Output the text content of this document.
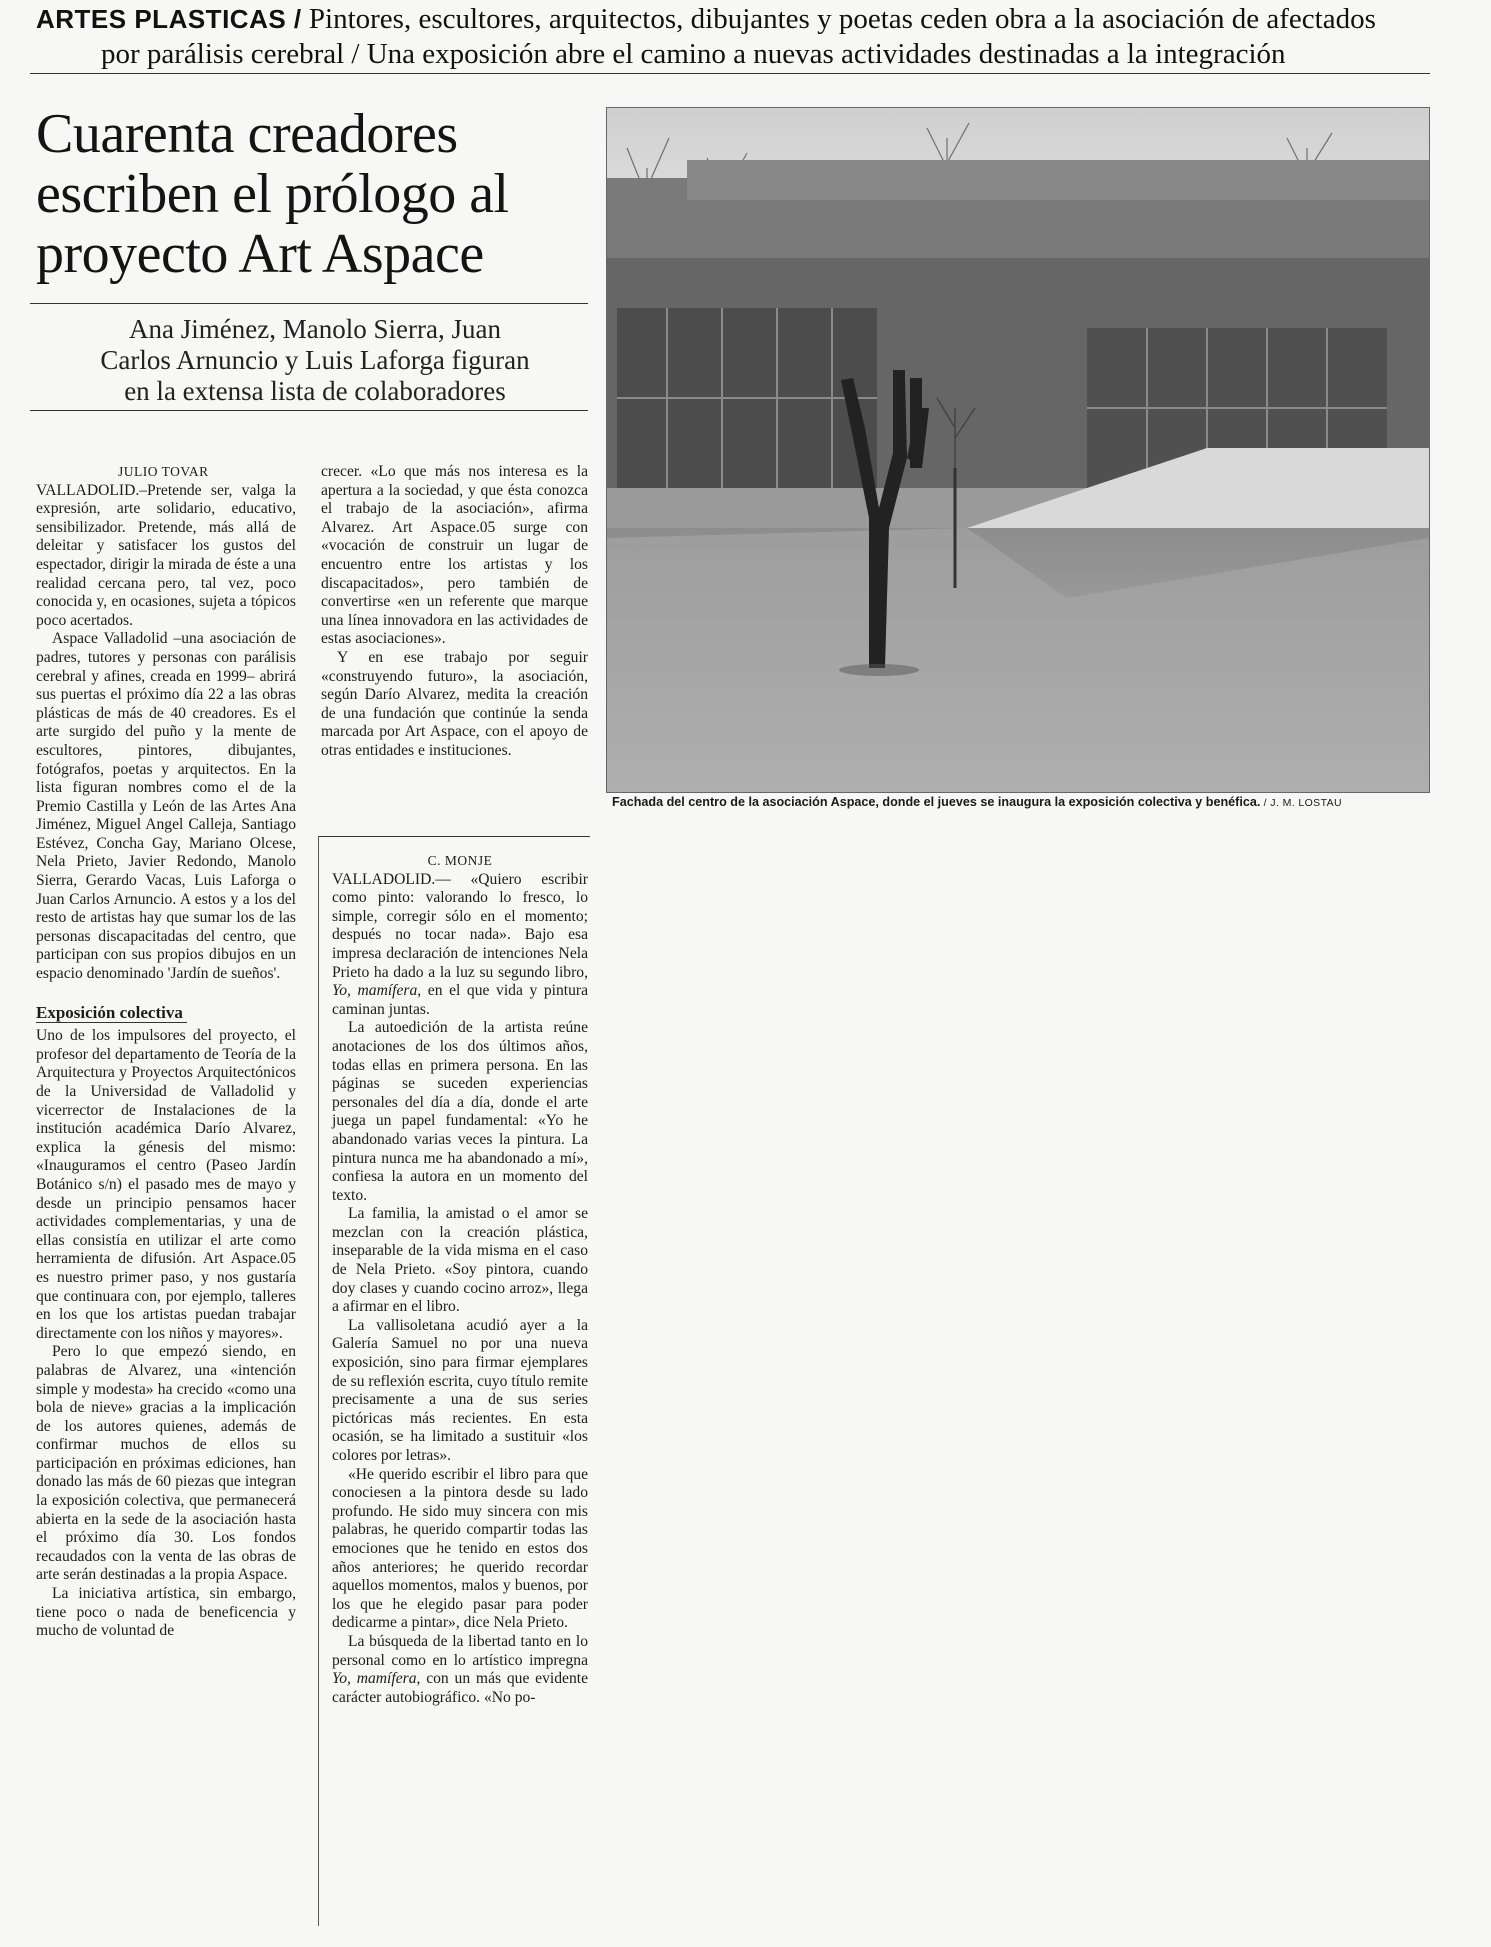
ARTES PLASTICAS / Pintores, escultores, arquitectos, dibujantes y poetas ceden obra a la asociación de afectados
por parálisis cerebral / Una exposición abre el camino a nuevas actividades destinadas a la integración
Cuarenta creadores
escriben el prólogo al
proyecto Art Aspace
Ana Jiménez, Manolo Sierra, Juan
Carlos Arnuncio y Luis Laforga figuran
en la extensa lista de colaboradores

JULIO TOVAR

VALLADOLID.–Pretende ser, valga la expresión, arte solidario, educativo, sensibilizador. Pretende, más allá de deleitar y satisfacer los gustos del espectador, dirigir la mirada de éste a una realidad cercana pero, tal vez, poco conocida y, en ocasiones, sujeta a tópicos poco acertados.

Aspace Valladolid –una asociación de padres, tutores y personas con parálisis cerebral y afines, creada en 1999– abrirá sus puertas el próximo día 22 a las obras plásticas de más de 40 creadores. Es el arte surgido del puño y la mente de escultores, pintores, dibujantes, fotógrafos, poetas y arquitectos. En la lista figuran nombres como el de la Premio Castilla y León de las Artes Ana Jiménez, Miguel Angel Calleja, Santiago Estévez, Concha Gay, Mariano Olcese, Nela Prieto, Javier Redondo, Manolo Sierra, Gerardo Vacas, Luis Laforga o Juan Carlos Arnuncio. A estos y a los del resto de artistas hay que sumar los de las personas discapacitadas del centro, que participan con sus propios dibujos en un espacio denominado 'Jardín de sueños'.

Exposición colectiva

Uno de los impulsores del proyecto, el profesor del departamento de Teoría de la Arquitectura y Proyectos Arquitectónicos de la Universidad de Valladolid y vicerrector de Instalaciones de la institución académica Darío Alvarez, explica la génesis del mismo: «Inauguramos el centro (Paseo Jardín Botánico s/n) el pasado mes de mayo y desde un principio pensamos hacer actividades complementarias, y una de ellas consistía en utilizar el arte como herramienta de difusión. Art Aspace.05 es nuestro primer paso, y nos gustaría que continuara con, por ejemplo, talleres en los que los artistas puedan trabajar directamente con los niños y mayores».

Pero lo que empezó siendo, en palabras de Alvarez, una «intención simple y modesta» ha crecido «como una bola de nieve» gracias a la implicación de los autores quienes, además de confirmar muchos de ellos su participación en próximas ediciones, han donado las más de 60 piezas que integran la exposición colectiva, que permanecerá abierta en la sede de la asociación hasta el próximo día 30. Los fondos recaudados con la venta de las obras de arte serán destinadas a la propia Aspace.

La iniciativa artística, sin embargo, tiene poco o nada de beneficencia y mucho de voluntad de

crecer. «Lo que más nos interesa es la apertura a la sociedad, y que ésta conozca el trabajo de la asociación», afirma Alvarez. Art Aspace.05 surge con «vocación de construir un lugar de encuentro entre los artistas y los discapacitados», pero también de convertirse «en un referente que marque una línea innovadora en las actividades de estas asociaciones».

Y en ese trabajo por seguir «construyendo futuro», la asociación, según Darío Alvarez, medita la creación de una fundación que continúe la senda marcada por Art Aspace, con el apoyo de otras entidades e instituciones.

C. MONJE

VALLADOLID.— «Quiero escribir como pinto: valorando lo fresco, lo simple, corregir sólo en el momento; después no tocar nada». Bajo esa impresa declaración de intenciones Nela Prieto ha dado a la luz su segundo libro, Yo, mamífera, en el que vida y pintura caminan juntas.

La autoedición de la artista reúne anotaciones de los dos últimos años, todas ellas en primera persona. En las páginas se suceden experiencias personales del día a día, donde el arte juega un papel fundamental: «Yo he abandonado varias veces la pintura. La pintura nunca me ha abandonado a mí», confiesa la autora en un momento del texto.

La familia, la amistad o el amor se mezclan con la creación plástica, inseparable de la vida misma en el caso de Nela Prieto. «Soy pintora, cuando doy clases y cuando cocino arroz», llega a afirmar en el libro.

La vallisoletana acudió ayer a la Galería Samuel no por una nueva exposición, sino para firmar ejemplares de su reflexión escrita, cuyo título remite precisamente a una de sus series pictóricas más recientes. En esta ocasión, se ha limitado a sustituir «los colores por letras».

«He querido escribir el libro para que conociesen a la pintora desde su lado profundo. He sido muy sincera con mis palabras, he querido compartir todas las emociones que he tenido en estos dos años anteriores; he querido recordar aquellos momentos, malos y buenos, por los que he elegido pasar para poder dedicarme a pintar», dice Nela Prieto.

La búsqueda de la libertad tanto en lo personal como en lo artístico impregna Yo, mamífera, con un más que evidente carácter autobiográfico. «No po-

Fachada del centro de la asociación Aspace, donde el jueves se inaugura la exposición colectiva y benéfica. / J. M. LOSTAU
